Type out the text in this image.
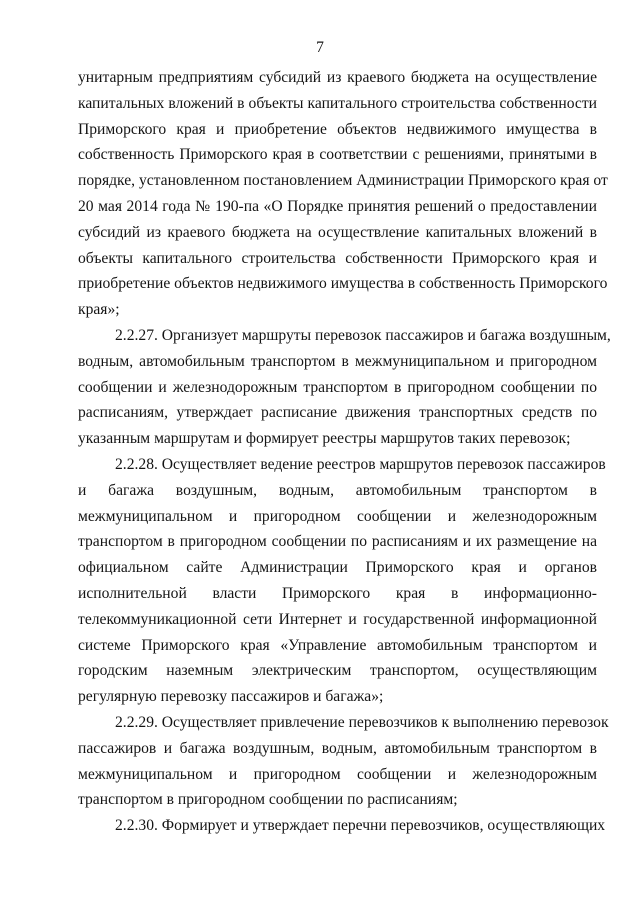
7
унитарным предприятиям субсидий из краевого бюджета на осуществление
капитальных вложений в объекты капитального строительства собственности
Приморского края и приобретение объектов недвижимого имущества в
собственность Приморского края в соответствии с решениями, принятыми в
порядке, установленном постановлением Администрации Приморского края от
20 мая 2014 года № 190-па «О Порядке принятия решений о предоставлении
субсидий из краевого бюджета на осуществление капитальных вложений в
объекты капитального строительства собственности Приморского края и
приобретение объектов недвижимого имущества в собственность Приморского
края»;
2.2.27. Организует маршруты перевозок пассажиров и багажа воздушным,
водным, автомобильным транспортом в межмуниципальном и пригородном
сообщении и железнодорожным транспортом в пригородном сообщении по
расписаниям, утверждает расписание движения транспортных средств по
указанным маршрутам и формирует реестры маршрутов таких перевозок;
2.2.28. Осуществляет ведение реестров маршрутов перевозок пассажиров
и багажа воздушным, водным, автомобильным транспортом в
межмуниципальном и пригородном сообщении и железнодорожным
транспортом в пригородном сообщении по расписаниям и их размещение на
официальном сайте Администрации Приморского края и органов
исполнительной власти Приморского края в информационно-
телекоммуникационной сети Интернет и государственной информационной
системе Приморского края «Управление автомобильным транспортом и
городским наземным электрическим транспортом, осуществляющим
регулярную перевозку пассажиров и багажа»;
2.2.29. Осуществляет привлечение перевозчиков к выполнению перевозок
пассажиров и багажа воздушным, водным, автомобильным транспортом в
межмуниципальном и пригородном сообщении и железнодорожным
транспортом в пригородном сообщении по расписаниям;
2.2.30. Формирует и утверждает перечни перевозчиков, осуществляющих
